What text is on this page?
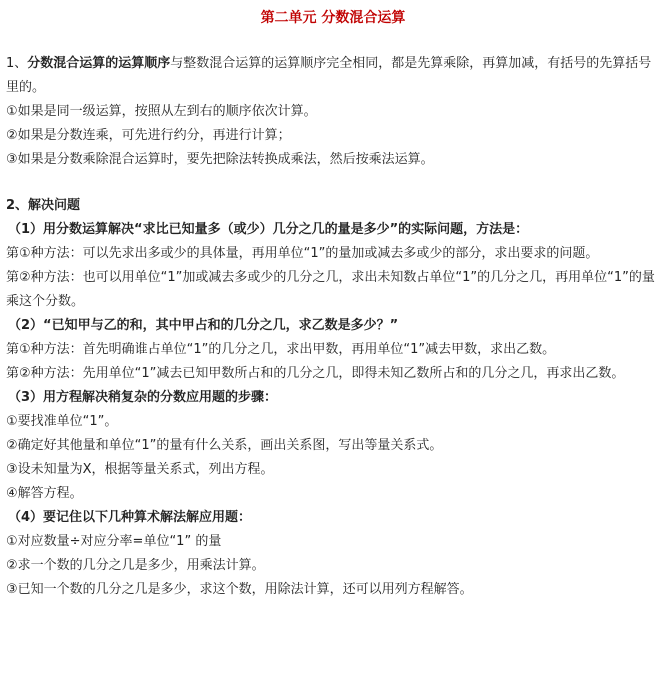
第二单元 分数混合运算
1、分数混合运算的运算顺序与整数混合运算的运算顺序完全相同，都是先算乘除，再算加减，有括号的先算括号里的。
①如果是同一级运算，按照从左到右的顺序依次计算。
②如果是分数连乘，可先进行约分，再进行计算；
③如果是分数乘除混合运算时，要先把除法转换成乘法，然后按乘法运算。
2、解决问题
（1）用分数运算解决“求比已知量多（或少）几分之几的量是多少”的实际问题，方法是：
第①种方法：可以先求出多或少的具体量，再用单位“1”的量加或减去多或少的部分，求出要求的问题。
第②种方法：也可以用单位“1”加或减去多或少的几分之几，求出未知数占单位“1”的几分之几，再用单位“1”的量乘这个分数。
（2）“已知甲与乙的和，其中甲占和的几分之几，求乙数是多少？”
第①种方法：首先明确谁占单位“1”的几分之几，求出甲数，再用单位“1”减去甲数，求出乙数。
第②种方法：先用单位“1”减去已知甲数所占和的几分之几，即得未知乙数所占和的几分之几，再求出乙数。
（3）用方程解决稍复杂的分数应用题的步骤：
①要找准单位“1”。
②确定好其他量和单位“1”的量有什么关系，画出关系图，写出等量关系式。
③设未知量为X，根据等量关系式，列出方程。
④解答方程。
（4）要记住以下几种算术解法解应用题：
①对应数量÷对应分率=单位“1” 的量
②求一个数的几分之几是多少，用乘法计算。
③已知一个数的几分之几是多少，求这个数，用除法计算，还可以用列方程解答。
